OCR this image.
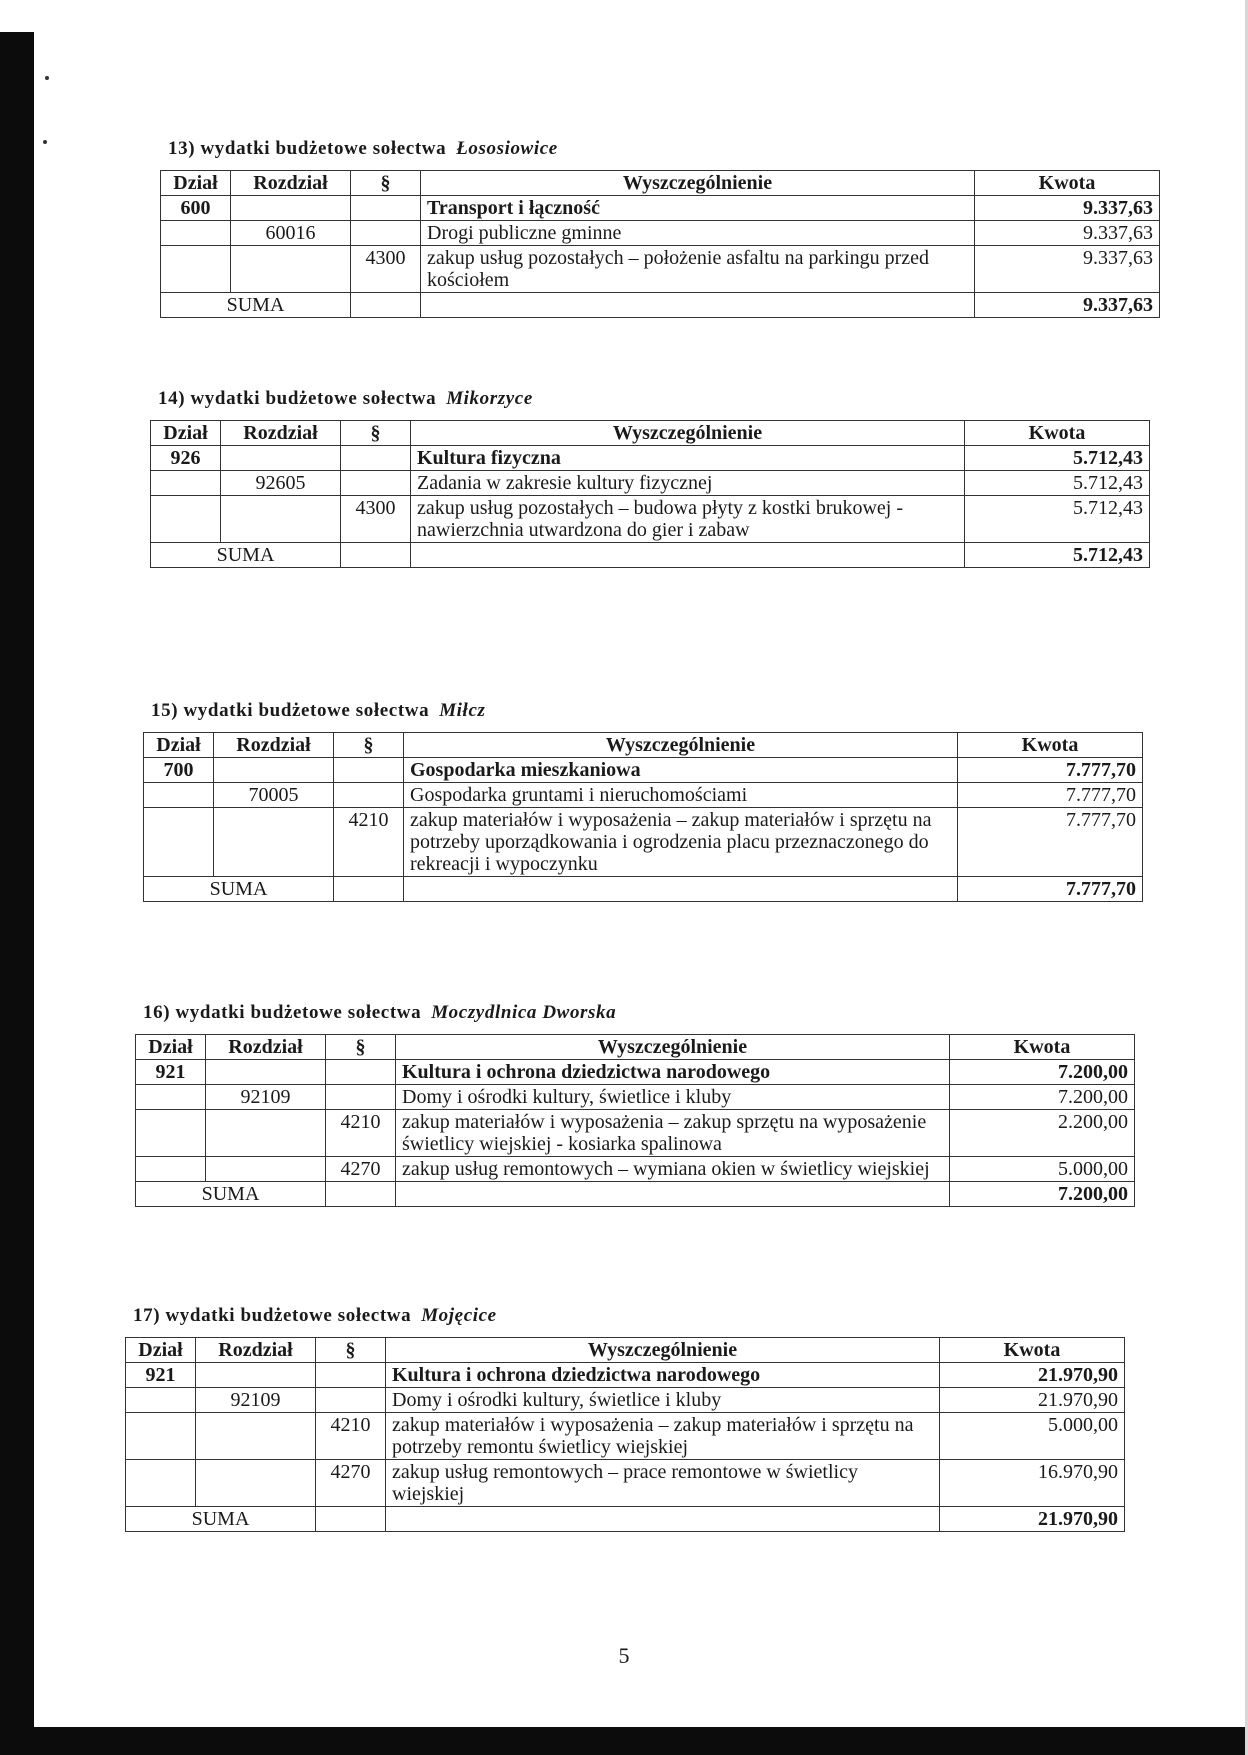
13) wydatki budżetowe sołectwa Łososiowice
Dział	Rozdział	§	Wyszczególnienie	Kwota
600			Transport i łączność	9.337,63
	60016		Drogi publiczne gminne	9.337,63
		4300	zakup usług pozostałych – położenie asfaltu na parkingu przed kościołem	9.337,63
SUMA				9.337,63
14) wydatki budżetowe sołectwa Mikorzyce
Dział	Rozdział	§	Wyszczególnienie	Kwota
926			Kultura fizyczna	5.712,43
	92605		Zadania w zakresie kultury fizycznej	5.712,43
		4300	zakup usług pozostałych – budowa płyty z kostki brukowej - nawierzchnia utwardzona do gier i zabaw	5.712,43
SUMA				5.712,43
15) wydatki budżetowe sołectwa Miłcz
Dział	Rozdział	§	Wyszczególnienie	Kwota
700			Gospodarka mieszkaniowa	7.777,70
	70005		Gospodarka gruntami i nieruchomościami	7.777,70
		4210	zakup materiałów i wyposażenia – zakup materiałów i sprzętu na potrzeby uporządkowania i ogrodzenia placu przeznaczonego do rekreacji i wypoczynku	7.777,70
SUMA				7.777,70
16) wydatki budżetowe sołectwa Moczydlnica Dworska
Dział	Rozdział	§	Wyszczególnienie	Kwota
921			Kultura i ochrona dziedzictwa narodowego	7.200,00
	92109		Domy i ośrodki kultury, świetlice i kluby	7.200,00
		4210	zakup materiałów i wyposażenia – zakup sprzętu na wyposażenie świetlicy wiejskiej - kosiarka spalinowa	2.200,00
		4270	zakup usług remontowych – wymiana okien w świetlicy wiejskiej	5.000,00
SUMA				7.200,00
17) wydatki budżetowe sołectwa Mojęcice
Dział	Rozdział	§	Wyszczególnienie	Kwota
921			Kultura i ochrona dziedzictwa narodowego	21.970,90
	92109		Domy i ośrodki kultury, świetlice i kluby	21.970,90
		4210	zakup materiałów i wyposażenia – zakup materiałów i sprzętu na potrzeby remontu świetlicy wiejskiej	5.000,00
		4270	zakup usług remontowych – prace remontowe w świetlicy wiejskiej	16.970,90
SUMA				21.970,90
5
